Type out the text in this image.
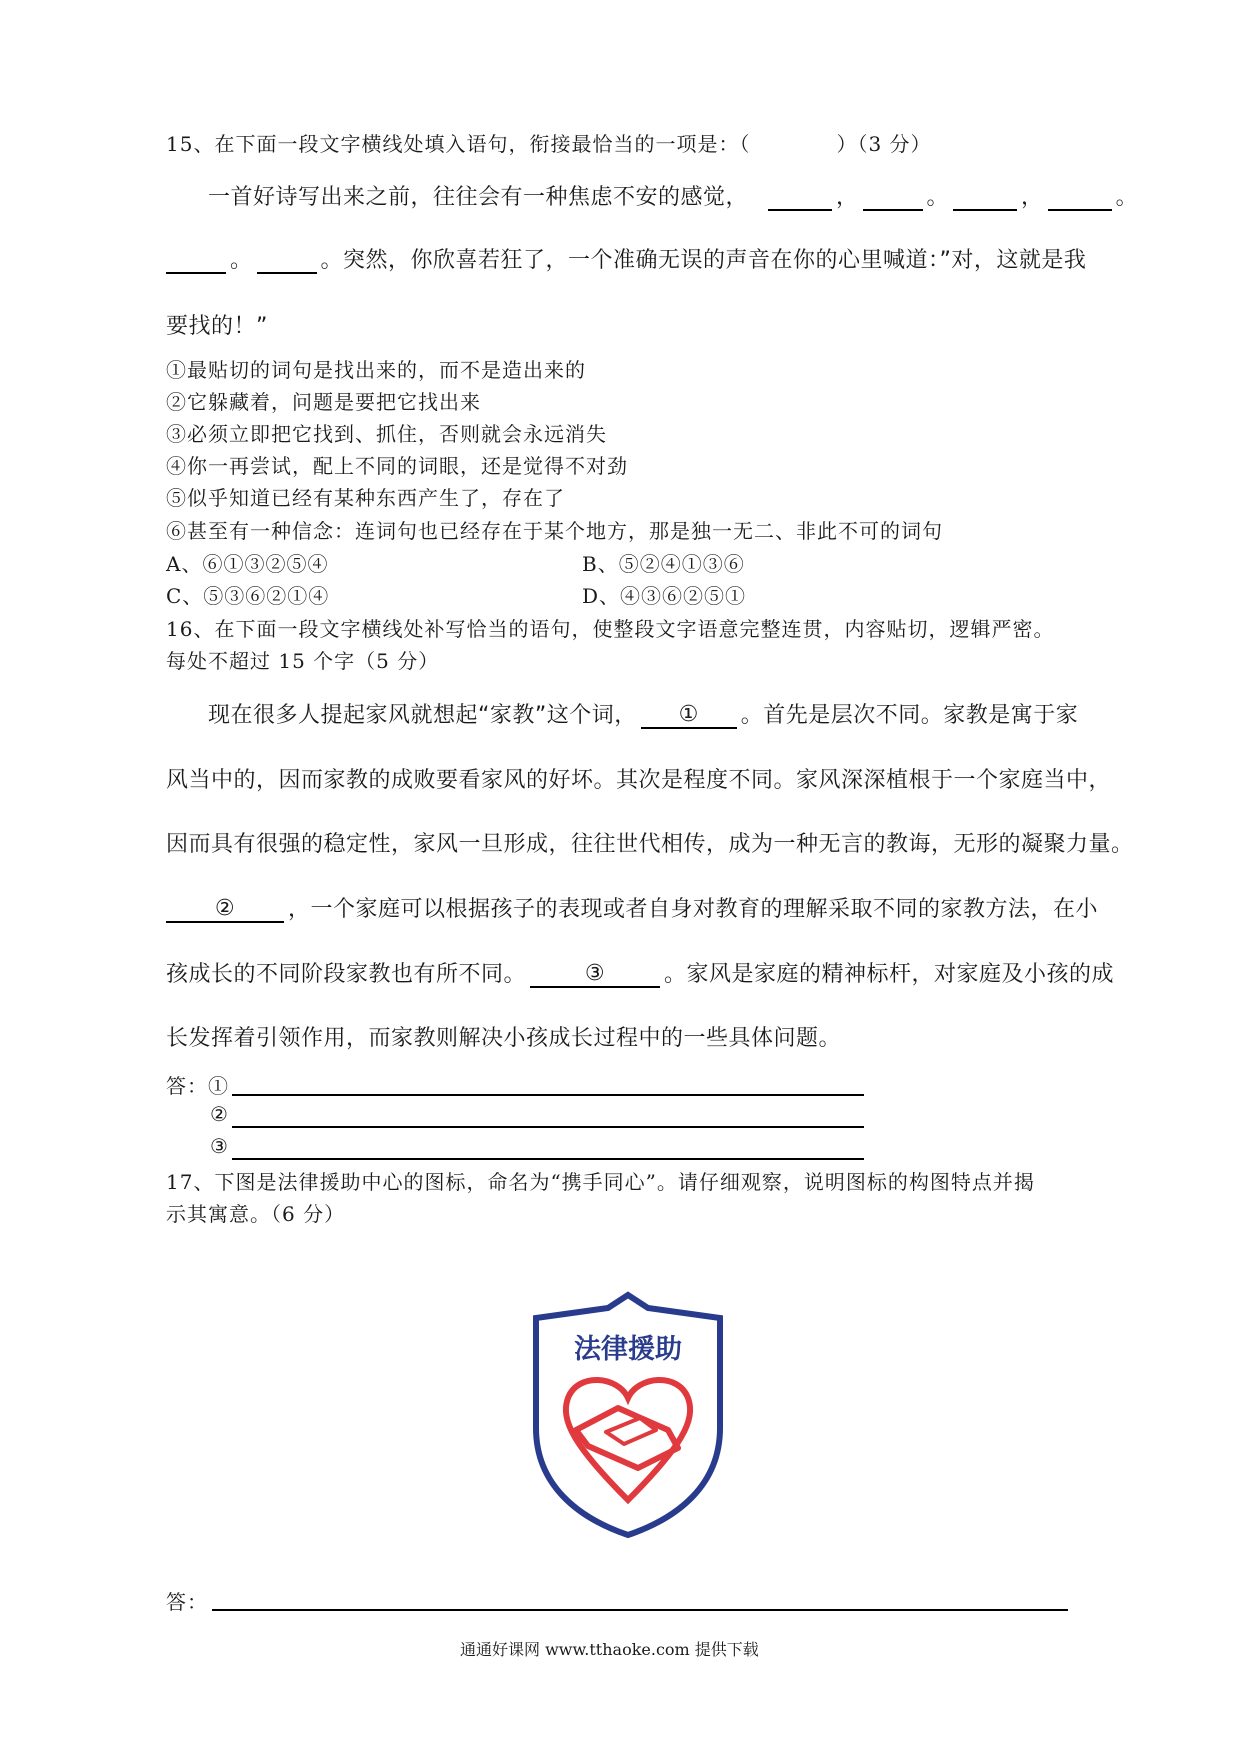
15、在下面一段文字横线处填入语句，衔接最恰当的一项是：（	）（3 分）
一首好诗写出来之前，往往会有一种焦虑不安的感觉，	，	。	，	。
。	。突然，你欣喜若狂了，一个准确无误的声音在你的心里喊道：”对，这就是我
要找的！”
①最贴切的词句是找出来的，而不是造出来的
②它躲藏着，问题是要把它找出来
③必须立即把它找到、抓住，否则就会永远消失
④你一再尝试，配上不同的词眼，还是觉得不对劲
⑤似乎知道已经有某种东西产生了，存在了
⑥甚至有一种信念：连词句也已经存在于某个地方，那是独一无二、非此不可的词句
A、⑥①③②⑤④	B、⑤②④①③⑥
C、⑤③⑥②①④	D、④③⑥②⑤①
16、在下面一段文字横线处补写恰当的语句，使整段文字语意完整连贯，内容贴切，逻辑严密。
每处不超过 15 个字（5 分）
现在很多人提起家风就想起“家教”这个词， ① 。首先是层次不同。家教是寓于家
风当中的，因而家教的成败要看家风的好坏。其次是程度不同。家风深深植根于一个家庭当中，
因而具有很强的稳定性，家风一旦形成，往往世代相传，成为一种无言的教诲，无形的凝聚力量。
② ，一个家庭可以根据孩子的表现或者自身对教育的理解采取不同的家教方法，在小
孩成长的不同阶段家教也有所不同。	③	。家风是家庭的精神标杆，对家庭及小孩的成
长发挥着引领作用，而家教则解决小孩成长过程中的一些具体问题。
答：①
②
③
17、下图是法律援助中心的图标，命名为“携手同心”。请仔细观察，说明图标的构图特点并揭
示其寓意。（6 分）
法律援助
答：
通通好课网 www.tthaoke.com 提供下载
